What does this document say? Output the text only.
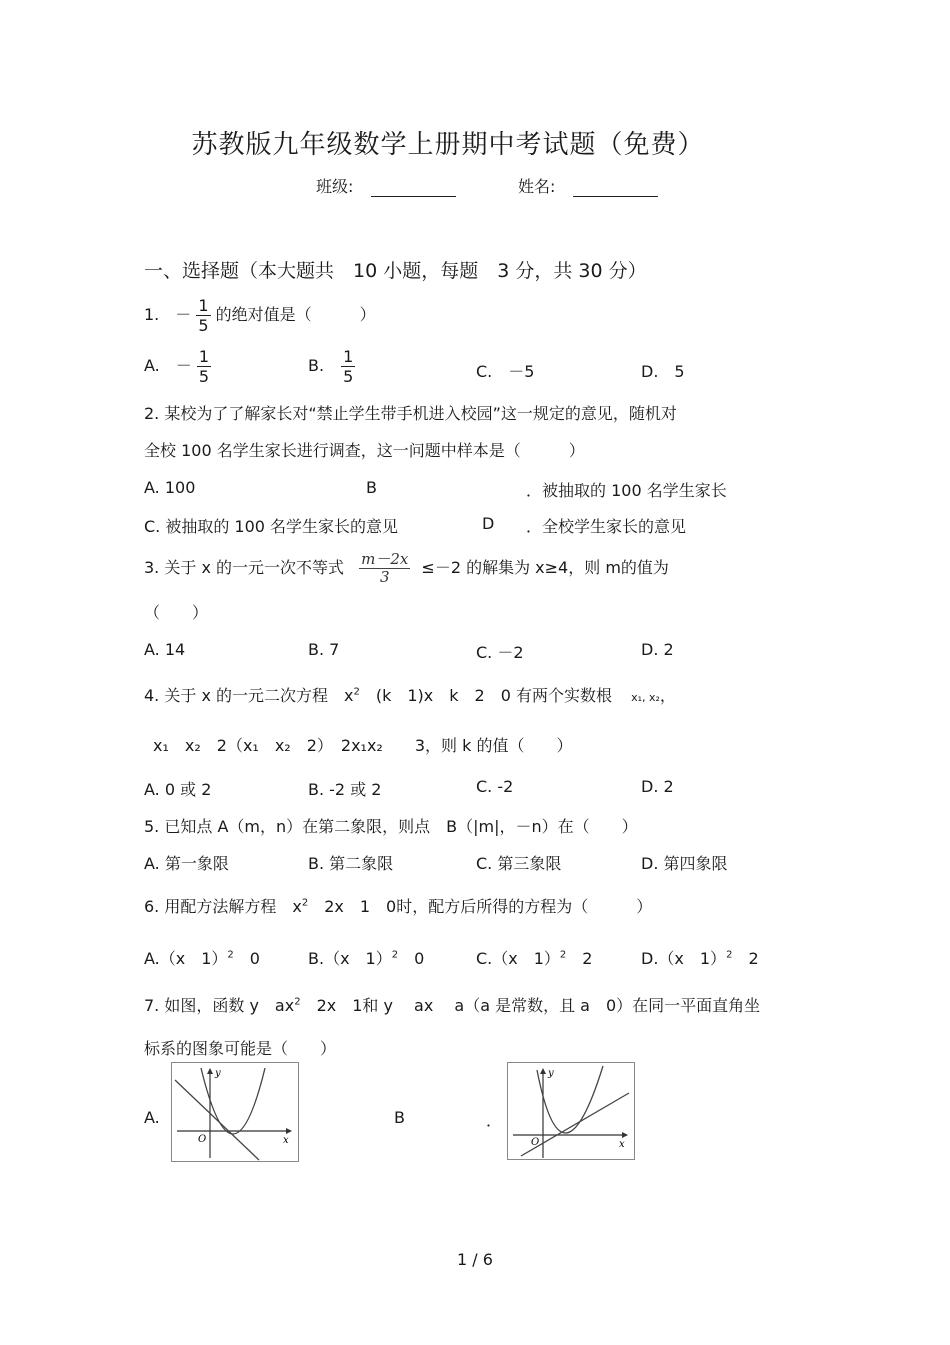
苏教版九年级数学上册期中考试题（免费）
班级:	姓名:
一、选择题（本大题共　10 小题，每题　3 分，共 30 分）
1.　－ $\frac{1}{5}$ 的绝对值是（　　　）
A.　－ $\frac{1}{5}$	B. $\frac{1}{5}$	C.　－5	D.　5
2. 某校为了了解家长对“禁止学生带手机进入校园”这一规定的意见，随机对
全校 100 名学生家长进行调查，这一问题中样本是（　　　）
A. 100	B	．被抽取的 100 名学生家长
C. 被抽取的 100 名学生家长的意见	D ．全校学生家长的意见
3. 关于 x 的一元一次不等式 $\frac{m-2x}{3} \le-2$ 的解集为 x≥4，则 m的值为
（　　）
A. 14	B. 7	C. －2	D. 2
4. 关于 x 的一元二次方程　$x^2$　(k　1)x　k　2　0 有两个实数根 x₁, x₂，
x₁　x₂　2（x₁　x₂　2）　2x₁x₂　　3，则 k 的值（　　）
A. 0 或 2	B. -2 或 2	C. -2	D. 2
5. 已知点 A（m，n）在第二象限，则点　B（|m|，－n）在（　　）
A. 第一象限	B. 第二象限	C. 第三象限	D. 第四象限
6. 用配方法解方程　$x^2$　2x　1　0时，配方后所得的方程为（　　　）
A.（x　1）$^2$　0	B.（x　1）$^2$　0	C.（x　1）$^2$　2	D.（x　1）$^2$　2
7. 如图，函数 y　$ax^2$　2x　1和 y　 ax　 a（a 是常数，且 a　0）在同一平面直角坐
标系的图象可能是（　　）
A.
y
x
O
B	．
y
x
O
1 / 6
